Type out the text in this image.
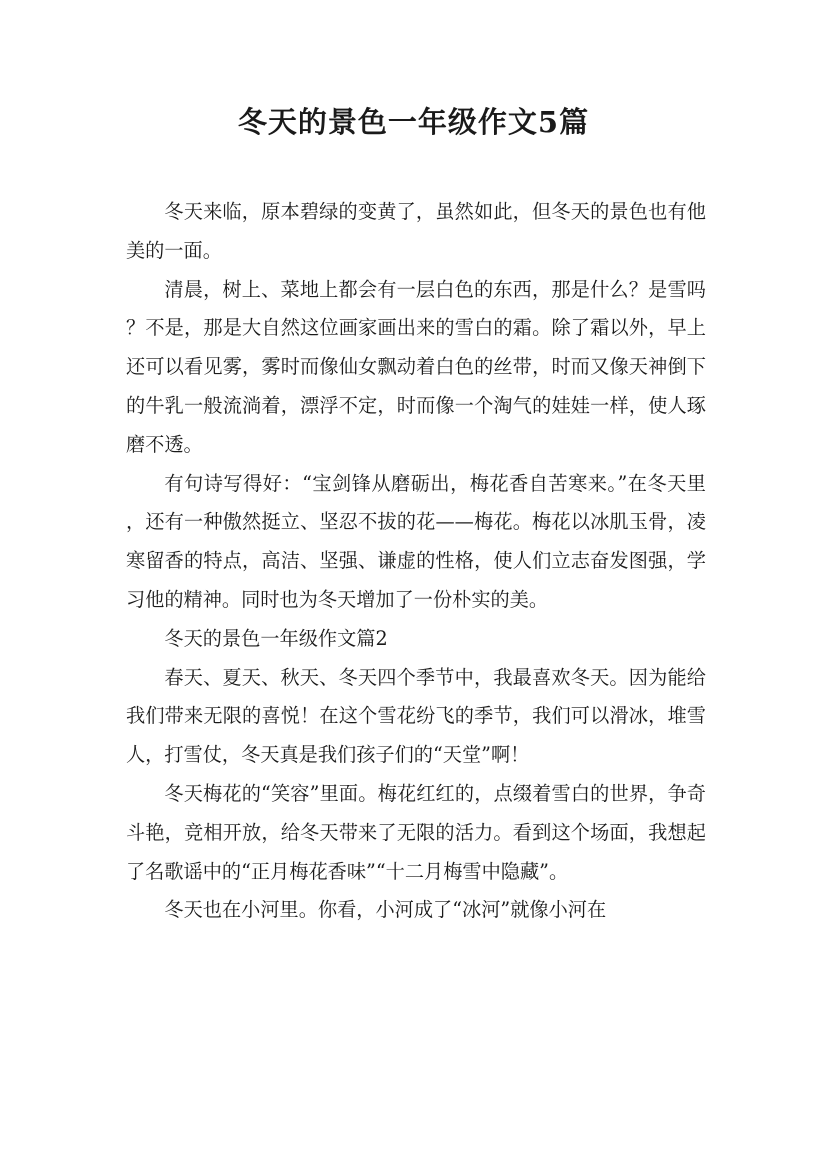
冬天的景色一年级作文5篇

冬天来临，原本碧绿的变黄了，虽然如此，但冬天的景色也有他美的一面。

清晨，树上、菜地上都会有一层白色的东西，那是什么？是雪吗？不是，那是大自然这位画家画出来的雪白的霜。除了霜以外，早上还可以看见雾，雾时而像仙女飘动着白色的丝带，时而又像天神倒下的牛乳一般流淌着，漂浮不定，时而像一个淘气的娃娃一样，使人琢磨不透。

有句诗写得好：“宝剑锋从磨砺出，梅花香自苦寒来。”在冬天里，还有一种傲然挺立、坚忍不拔的花——梅花。梅花以冰肌玉骨，凌寒留香的特点，高洁、坚强、谦虚的性格，使人们立志奋发图强，学习他的精神。同时也为冬天增加了一份朴实的美。

冬天的景色一年级作文篇2

春天、夏天、秋天、冬天四个季节中，我最喜欢冬天。因为能给我们带来无限的喜悦！在这个雪花纷飞的季节，我们可以滑冰，堆雪人，打雪仗，冬天真是我们孩子们的“天堂”啊！

冬天梅花的“笑容”里面。梅花红红的，点缀着雪白的世界，争奇斗艳，竞相开放，给冬天带来了无限的活力。看到这个场面，我想起了名歌谣中的“正月梅花香味”“十二月梅雪中隐藏”。

冬天也在小河里。你看，小河成了“冰河”就像小河在
